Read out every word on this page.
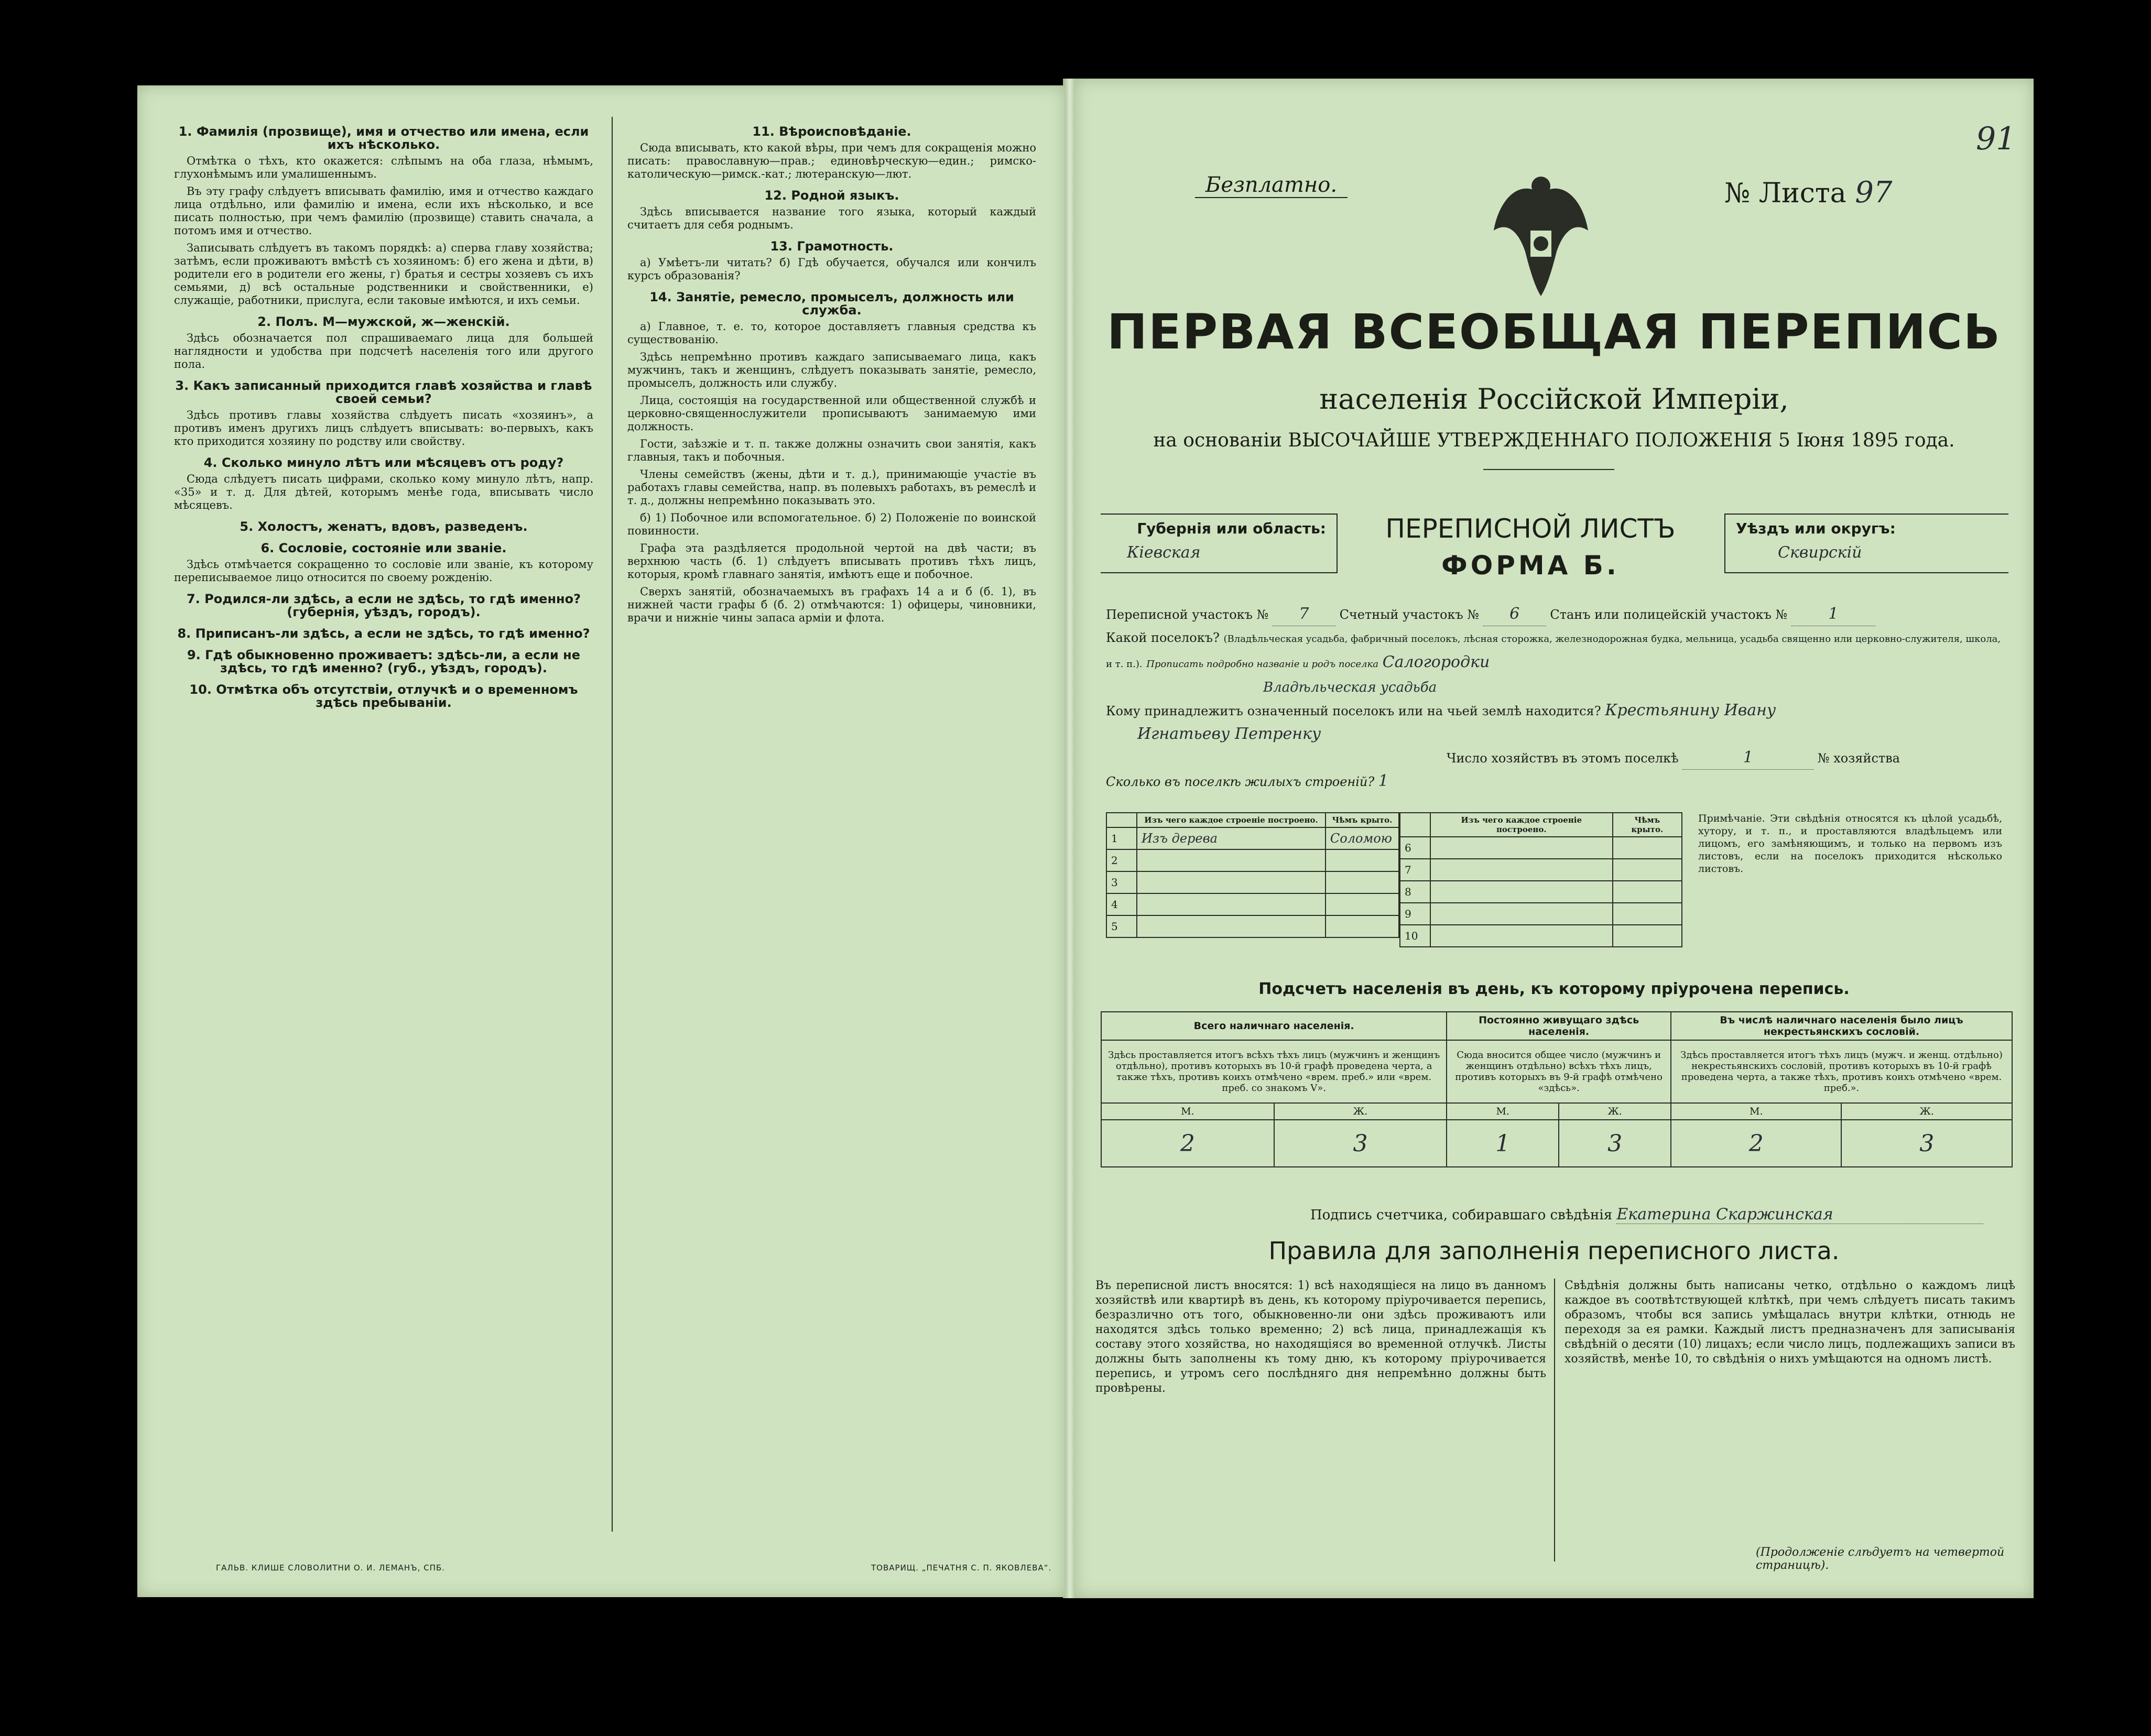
1. Фамилія (прозвище), имя и отчество или имена, если ихъ нѣсколько.

Отмѣтка о тѣхъ, кто окажется: слѣпымъ на оба глаза, нѣмымъ, глухонѣмымъ или умалишеннымъ.

Въ эту графу слѣдуетъ вписывать фамилію, имя и отчество каждаго лица отдѣльно, или фамилію и имена, если ихъ нѣсколько, и все писать полностью, при чемъ фамилію (прозвище) ставить сначала, а потомъ имя и отчество.

Записывать слѣдуетъ въ такомъ порядкѣ: а) сперва главу хозяйства; затѣмъ, если проживаютъ вмѣстѣ съ хозяиномъ: б) его жена и дѣти, в) родители его в родители его жены, г) братья и сестры хозяевъ съ ихъ семьями, д) всѣ остальные родственники и свойственники, е) служащіе, работники, прислуга, если таковые имѣются, и ихъ семьи.

2. Полъ. М—мужской, ж—женскій.

Здѣсь обозначается пол спрашиваемаго лица для большей наглядности и удобства при подсчетѣ населенія того или другого пола.

3. Какъ записанный приходится главѣ хозяйства и главѣ своей семьи?

Здѣсь противъ главы хозяйства слѣдуетъ писать «хозяинъ», а противъ именъ другихъ лицъ слѣдуетъ вписывать: во-первыхъ, какъ кто приходится хозяину по родству или свойству.

4. Сколько минуло лѣтъ или мѣсяцевъ отъ роду?

Сюда слѣдуетъ писать цифрами, сколько кому минуло лѣтъ, напр. «35» и т. д. Для дѣтей, которымъ менѣе года, вписывать число мѣсяцевъ.

5. Холостъ, женатъ, вдовъ, разведенъ.
6. Сословіе, состояніе или званіе.

Здѣсь отмѣчается сокращенно то сословіе или званіе, къ которому переписываемое лицо относится по своему рожденію.

7. Родился-ли здѣсь, а если не здѣсь, то гдѣ именно? (губернія, уѣздъ, городъ).
8. Приписанъ-ли здѣсь, а если не здѣсь, то гдѣ именно?
9. Гдѣ обыкновенно проживаетъ: здѣсь-ли, а если не здѣсь, то гдѣ именно? (губ., уѣздъ, городъ).
10. Отмѣтка объ отсутствіи, отлучкѣ и о временномъ здѣсь пребываніи.
11. Вѣроисповѣданіе.

Сюда вписывать, кто какой вѣры, при чемъ для сокращенія можно писать: православную—прав.; единовѣрческую—един.; римско-католическую—римск.-кат.; лютеранскую—лют.

12. Родной языкъ.

Здѣсь вписывается название того языка, который каждый считаетъ для себя роднымъ.

13. Грамотность.

а) Умѣетъ-ли читать? б) Гдѣ обучается, обучался или кончилъ курсъ образованія?

14. Занятіе, ремесло, промыселъ, должность или служба.

а) Главное, т. е. то, которое доставляетъ главныя средства къ существованію.

Здѣсь непремѣнно противъ каждаго записываемаго лица, какъ мужчинъ, такъ и женщинъ, слѣдуетъ показывать занятіе, ремесло, промыселъ, должность или службу.

Лица, состоящія на государственной или общественной службѣ и церковно-священнослужители прописываютъ занимаемую ими должность.

Гости, заѣзжіе и т. п. также должны означить свои занятія, какъ главныя, такъ и побочныя.

Члены семействъ (жены, дѣти и т. д.), принимающіе участіе въ работахъ главы семейства, напр. въ полевыхъ работахъ, въ ремеслѣ и т. д., должны непремѣнно показывать это.

б) 1) Побочное или вспомогательное. б) 2) Положеніе по воинской повинности.

Графа эта раздѣляется продольной чертой на двѣ части; въ верхнюю часть (б. 1) слѣдуетъ вписывать противъ тѣхъ лицъ, которыя, кромѣ главнаго занятія, имѣютъ еще и побочное.

Сверхъ занятій, обозначаемыхъ въ графахъ 14 а и б (б. 1), въ нижней части графы б (б. 2) отмѣчаются: 1) офицеры, чиновники, врачи и нижніе чины запаса арміи и флота.

ГАЛЬВ. КЛИШЕ СЛОВОЛИТНИ О. И. ЛЕМАНЪ, СПБ.	ТОВАРИЩ. „ПЕЧАТНЯ С. П. ЯКОВЛЕВА“.
91
Безплатно.	№ Листа 97
ПЕРВАЯ ВСЕОБЩАЯ ПЕРЕПИСЬ
населенія Россійской Имперіи,
на основаніи ВЫСОЧАЙШЕ УТВЕРЖДЕННАГО ПОЛОЖЕНІЯ 5 Іюня 1895 года.
Губернія или область:
Кіевская
ПЕРЕПИСНОЙ ЛИСТЪ
ФОРМА Б.
Уѣздъ или округъ:
Сквирскій
Переписной участокъ № 7 Счетный участокъ № 6 Станъ или полицейскій участокъ №	1
Какой поселокъ? (Владѣльческая усадьба, фабричный поселокъ, лѣсная сторожка, железнодорожная будка, мельница, усадьба священно или церковно-служителя, школа, и т. п.). Прописать подробно названіе и родъ поселка Салогородки
Владѣльческая усадьба
Кому принадлежитъ означенный поселокъ или на чьей землѣ находится? Крестьянину Ивану
Игнатьеву Петренку
Число хозяйствъ въ этомъ поселкѣ	1	№ хозяйства
Сколько въ поселкѣ жилыхъ строеній? 1
	Изъ чего каждое строеніе построено.	Чѣмъ крыто.
1	Изъ дерева	Соломою
2		
3		
4		
5		
	Изъ чего каждое строеніе построено.	Чѣмъ крыто.
6		
7		
8		
9		
10		
Примѣчаніе. Эти свѣдѣнія относятся къ цѣлой усадьбѣ, хутору, и т. п., и проставляются владѣльцемъ или лицомъ, его замѣняющимъ, и только на первомъ изъ листовъ, если на поселокъ приходится нѣсколько листовъ.
Подсчетъ населенія въ день, къ которому пріурочена перепись.
Всего наличнаго населенія.		Постоянно живущаго здѣсь населенія.		Въ числѣ наличнаго населенія было лицъ некрестьянскихъ сословій.	
Здѣсь проставляется итогъ всѣхъ тѣхъ лицъ (мужчинъ и женщинъ отдѣльно), противъ которыхъ въ 10-й графѣ проведена черта, а также тѣхъ, противъ коихъ отмѣчено «врем. преб.» или «врем. преб. со знакомъ V».		Сюда вносится общее число (мужчинъ и женщинъ отдѣльно) всѣхъ тѣхъ лицъ, противъ которыхъ въ 9-й графѣ отмѣчено «здѣсь».		Здѣсь проставляется итогъ тѣхъ лицъ (мужч. и женщ. отдѣльно) некрестьянскихъ сословій, противъ которыхъ въ 10-й графѣ проведена черта, а также тѣхъ, противъ коихъ отмѣчено «врем. преб.».	
М.	Ж.	М.	Ж.	М.	Ж.
2	3	1	3	2	3
Подпись счетчика, собиравшаго свѣдѣнія Екатерина Скаржинская
Правила для заполненія переписного листа.
Въ переписной листъ вносятся: 1) всѣ находящіеся на лицо въ данномъ хозяйствѣ или квартирѣ въ день, къ которому пріурочивается перепись, безразлично отъ того, обыкновенно-ли они здѣсь проживаютъ или находятся здѣсь только временно; 2) всѣ лица, принадлежащія къ составу этого хозяйства, но находящіяся во временной отлучкѣ. Листы должны быть заполнены къ тому дню, къ которому пріурочивается перепись, и утромъ сего послѣдняго дня непремѣнно должны быть провѣрены.
Свѣдѣнія должны быть написаны четко, отдѣльно о каждомъ лицѣ каждое въ соотвѣтствующей клѣткѣ, при чемъ слѣдуетъ писать такимъ образомъ, чтобы вся запись умѣщалась внутри клѣтки, отнюдь не переходя за ея рамки. Каждый листъ предназначенъ для записыванія свѣдѣній о десяти (10) лицахъ; если число лицъ, подлежащихъ записи въ хозяйствѣ, менѣе 10, то свѣдѣнія о нихъ умѣщаются на одномъ листѣ.
(Продолженіе слѣдуетъ на четвертой страницѣ).
